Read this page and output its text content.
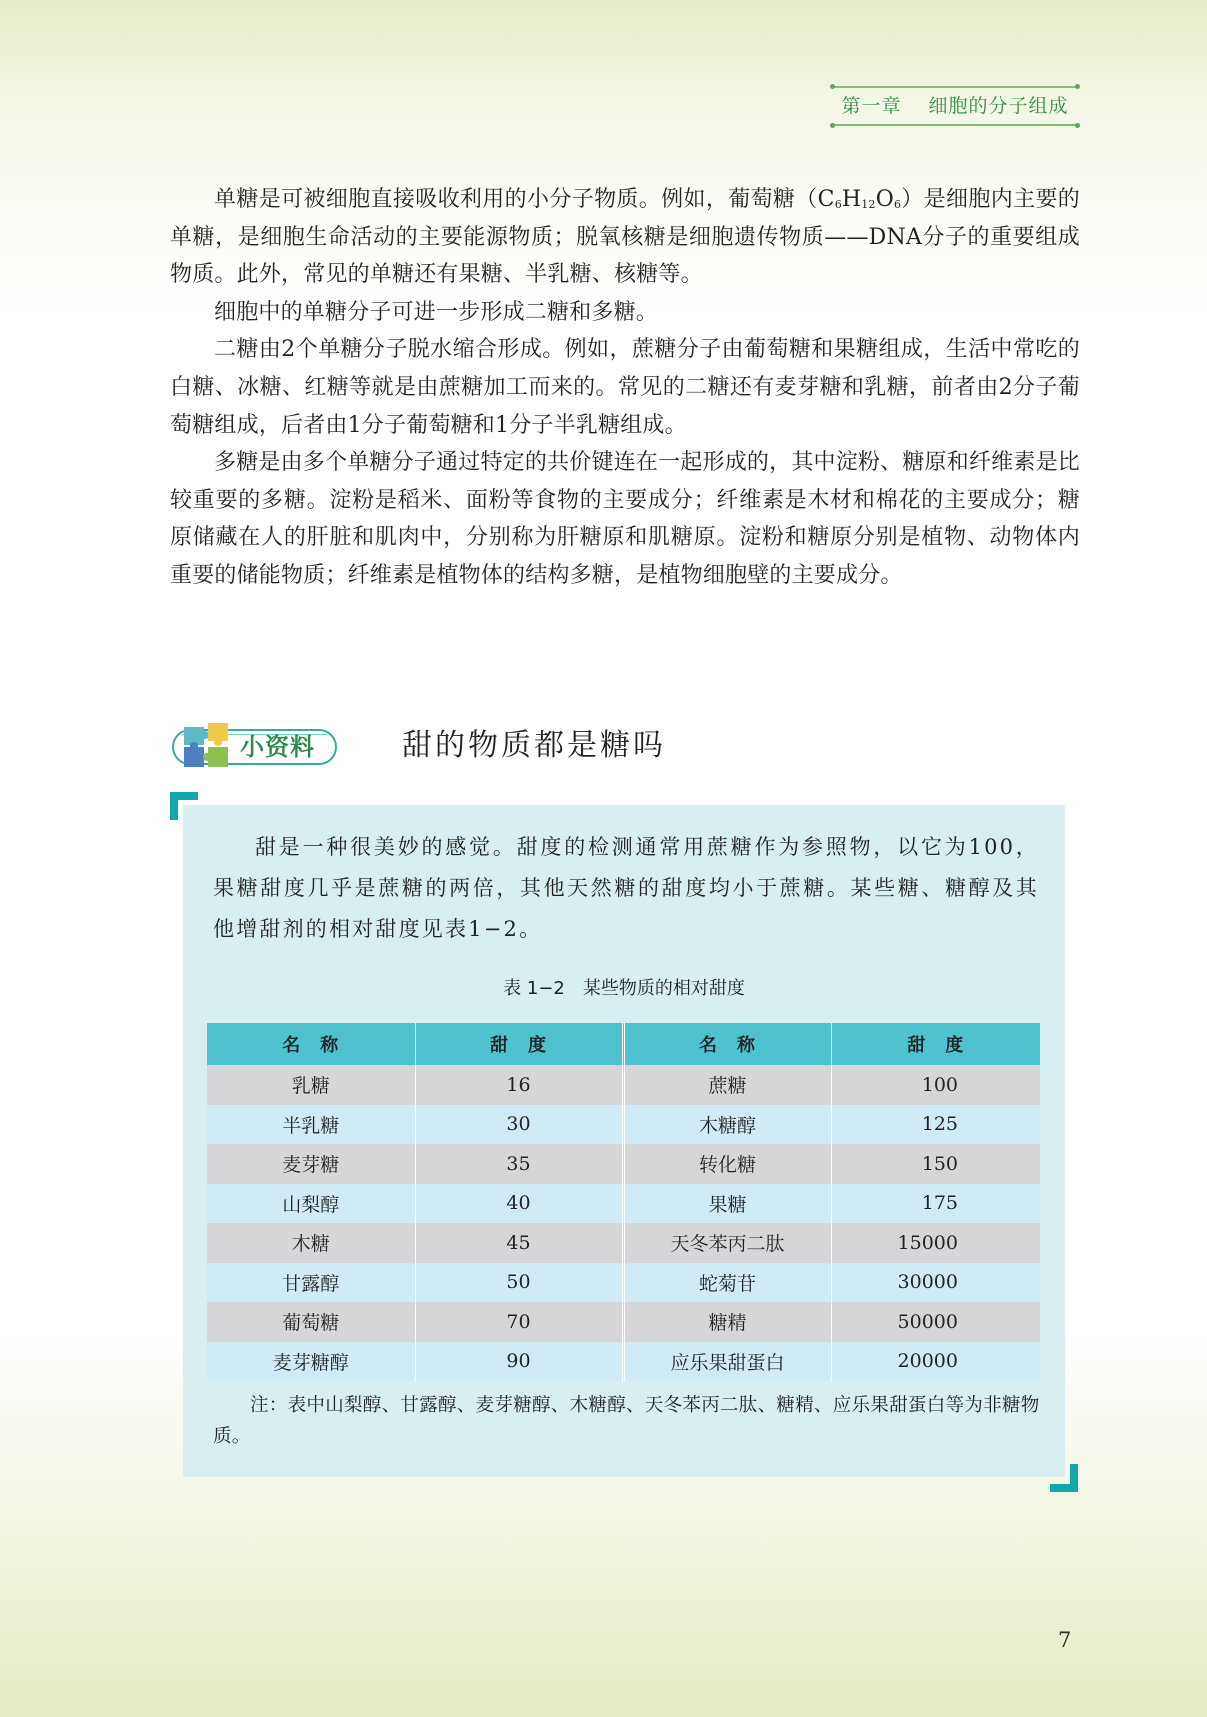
第一章　 细胞的分子组成

单糖是可被细胞直接吸收利用的小分子物质。例如，葡萄糖$(C_6H_{12}O_6)$是细胞内主要的单糖，是细胞生命活动的主要能源物质；脱氧核糖是细胞遗传物质——DNA分子的重要组成物质。此外，常见的单糖还有果糖、半乳糖、核糖等。

细胞中的单糖分子可进一步形成二糖和多糖。

二糖由2个单糖分子脱水缩合形成。例如，蔗糖分子由葡萄糖和果糖组成，生活中常吃的白糖、冰糖、红糖等就是由蔗糖加工而来的。常见的二糖还有麦芽糖和乳糖，前者由2分子葡萄糖组成，后者由1分子葡萄糖和1分子半乳糖组成。

多糖是由多个单糖分子通过特定的共价键连在一起形成的，其中淀粉、糖原和纤维素是比较重要的多糖。淀粉是稻米、面粉等食物的主要成分；纤维素是木材和棉花的主要成分；糖原储藏在人的肝脏和肌肉中，分别称为肝糖原和肌糖原。淀粉和糖原分别是植物、动物体内重要的储能物质；纤维素是植物体的结构多糖，是植物细胞壁的主要成分。

小资料	甜的物质都是糖吗

甜是一种很美妙的感觉。甜度的检测通常用蔗糖作为参照物，以它为100，果糖甜度几乎是蔗糖的两倍，其他天然糖的甜度均小于蔗糖。某些糖、糖醇及其他增甜剂的相对甜度见表1−2。

表 1−2　某些物质的相对甜度
名　称	甜　度	名　称	甜　度
乳糖	16	蔗糖	100
半乳糖	30	木糖醇	125
麦芽糖	35	转化糖	150
山梨醇	40	果糖	175
木糖	45	天冬苯丙二肽	15000
甘露醇	50	蛇菊苷	30000
葡萄糖	70	糖精	50000
麦芽糖醇	90	应乐果甜蛋白	20000
注：表中山梨醇、甘露醇、麦芽糖醇、木糖醇、天冬苯丙二肽、糖精、应乐果甜蛋白等为非糖物质。
7
